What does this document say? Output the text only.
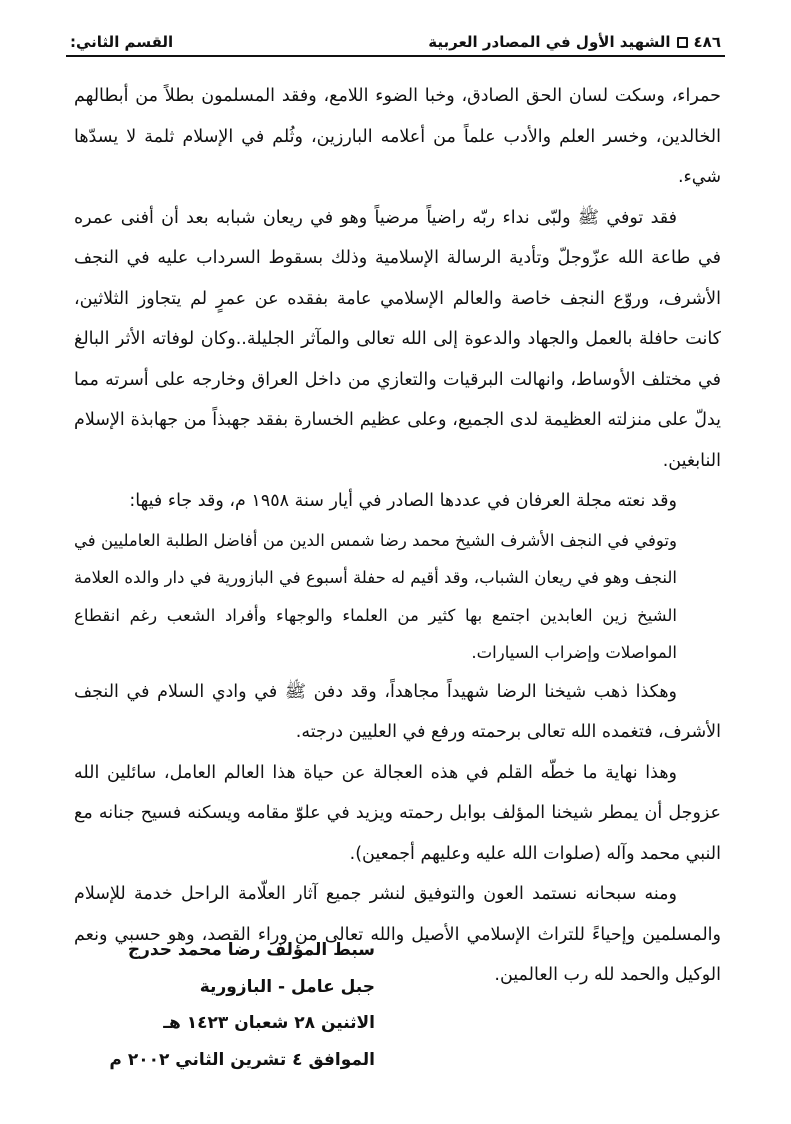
٤٨٦
الشهيد الأول في المصادر العربية
القسم الثاني:

حمراء، وسكت لسان الحق الصادق، وخبا الضوء اللامع، وفقد المسلمون بطلاً من أبطالهم الخالدين، وخسر العلم والأدب علماً من أعلامه البارزين، وثُلم في الإسلام ثلمة لا يسدّها شيء.

فقد توفي ﷺ ولبّى نداء ربّه راضياً مرضياً وهو في ريعان شبابه بعد أن أفنى عمره في طاعة الله عزّوجلّ وتأدية الرسالة الإسلامية وذلك بسقوط السرداب عليه في النجف الأشرف، وروّع النجف خاصة والعالم الإسلامي عامة بفقده عن عمرٍ لم يتجاوز الثلاثين، كانت حافلة بالعمل والجهاد والدعوة إلى الله تعالى والمآثر الجليلة..وكان لوفاته الأثر البالغ في مختلف الأوساط، وانهالت البرقيات والتعازي من داخل العراق وخارجه على أسرته مما يدلّ على منزلته العظيمة لدى الجميع، وعلى عظيم الخسارة بفقد جهبذاً من جهابذة الإسلام النابغين.

وقد نعته مجلة العرفان في عددها الصادر في أيار سنة ١٩٥٨ م، وقد جاء فيها:

وتوفي في النجف الأشرف الشيخ محمد رضا شمس الدين من أفاضل الطلبة العامليين في النجف وهو في ريعان الشباب، وقد أقيم له حفلة أسبوع في البازورية في دار والده العلامة الشيخ زين العابدين اجتمع بها كثير من العلماء والوجهاء وأفراد الشعب رغم انقطاع المواصلات وإضراب السيارات.

وهكذا ذهب شيخنا الرضا شهيداً مجاهداً، وقد دفن ﷺ في وادي السلام في النجف الأشرف، فتغمده الله تعالى برحمته ورفع في العليين درجته.

وهذا نهاية ما خطّه القلم في هذه العجالة عن حياة هذا العالم العامل، سائلين الله عزوجل أن يمطر شيخنا المؤلف بوابل رحمته ويزيد في علوّ مقامه ويسكنه فسيح جنانه مع النبي محمد وآله (صلوات الله عليه وعليهم أجمعين).

ومنه سبحانه نستمد العون والتوفيق لنشر جميع آثار العلّامة الراحل خدمة للإسلام والمسلمين وإحياءً للتراث الإسلامي الأصيل والله تعالى من وراء القصد، وهو حسبي ونعم الوكيل والحمد لله رب العالمين.

سبط المؤلف رضا محمد حدرج
جبل عامل - البازورية
الاثنين ٢٨ شعبان ١٤٢٣ هـ
الموافق ٤ تشرين الثاني ٢٠٠٢ م
